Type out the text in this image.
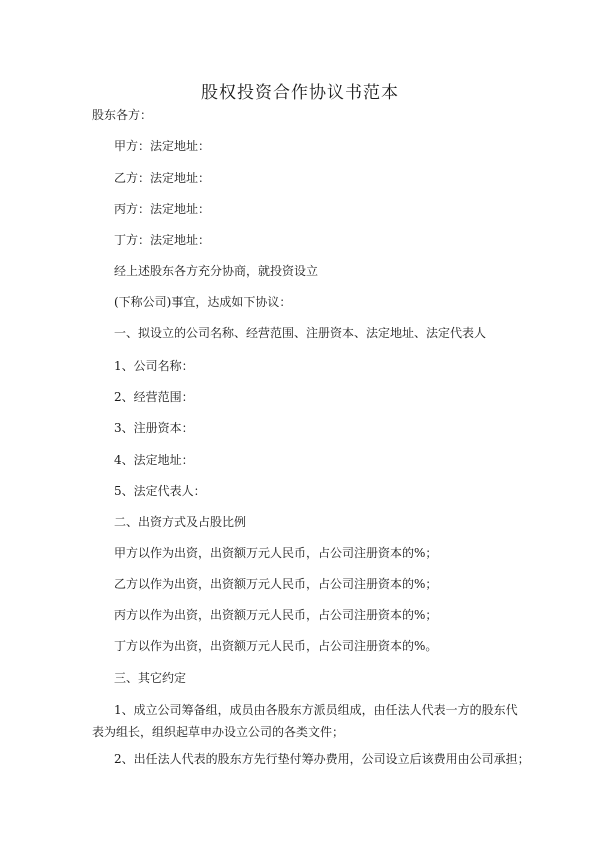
股权投资合作协议书范本
股东各方：
甲方：法定地址：
乙方：法定地址：
丙方：法定地址：
丁方：法定地址：
经上述股东各方充分协商，就投资设立
(下称公司)事宜，达成如下协议：
一、拟设立的公司名称、经营范围、注册资本、法定地址、法定代表人
1、公司名称：
2、经营范围：
3、注册资本：
4、法定地址：
5、法定代表人：
二、出资方式及占股比例
甲方以作为出资，出资额万元人民币，占公司注册资本的%；
乙方以作为出资，出资额万元人民币，占公司注册资本的%；
丙方以作为出资，出资额万元人民币，占公司注册资本的%；
丁方以作为出资，出资额万元人民币，占公司注册资本的%。
三、其它约定
1、成立公司筹备组，成员由各股东方派员组成，由任法人代表一方的股东代表为组长，组织起草申办设立公司的各类文件；
2、出任法人代表的股东方先行垫付筹办费用，公司设立后该费用由公司承担；
